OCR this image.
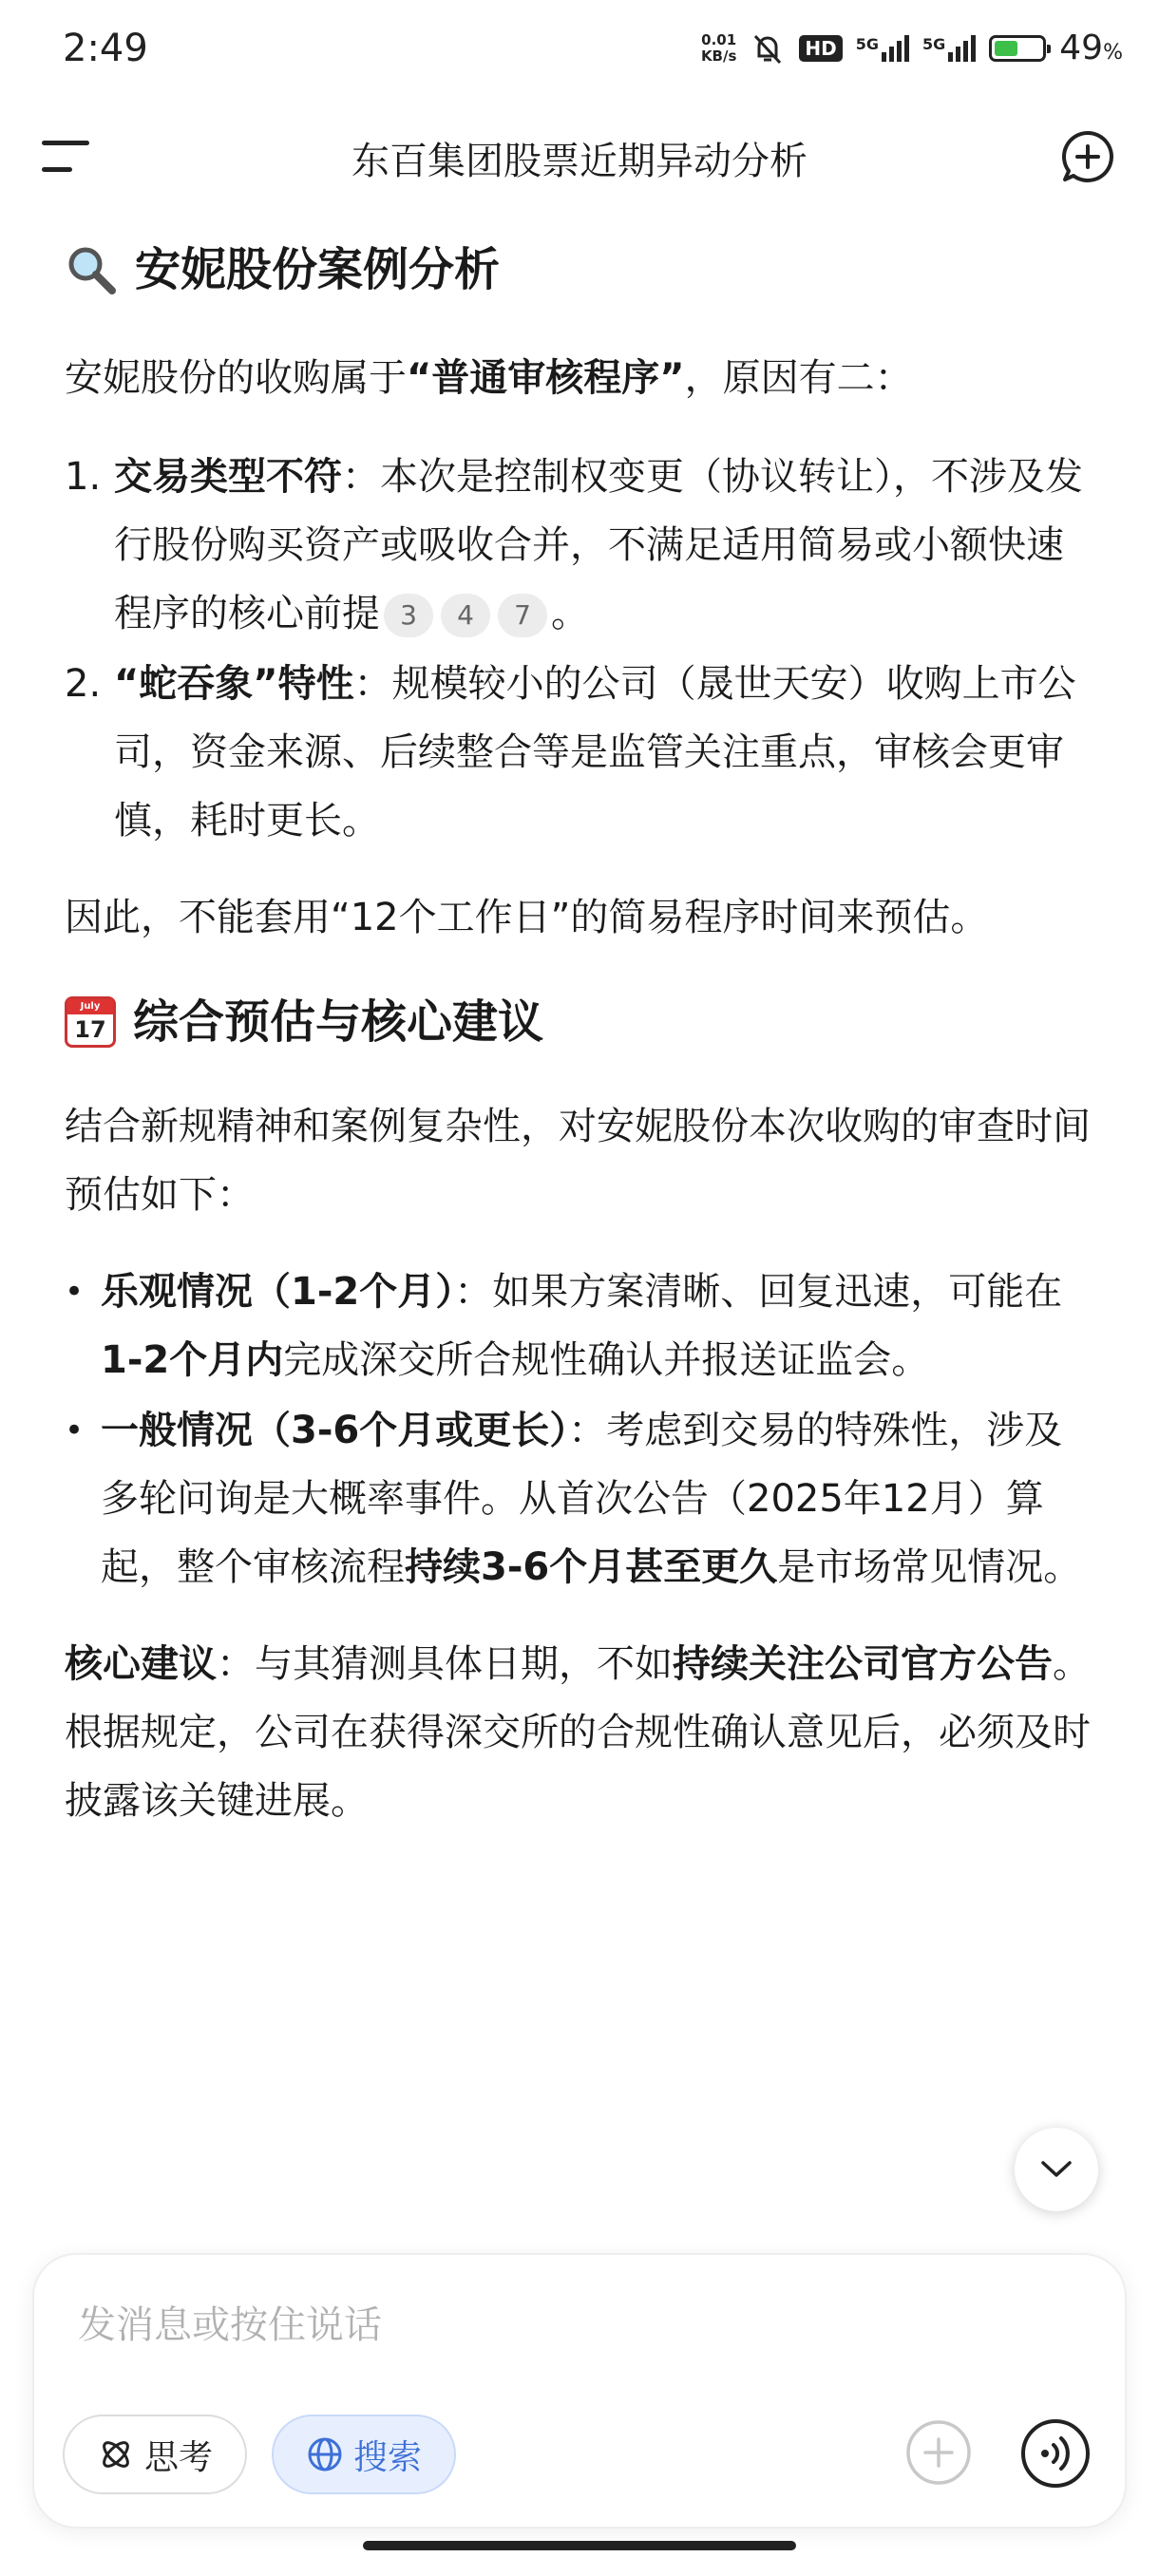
2:49	0.01
KB/s	HD	5G	5G	49%
东百集团股票近期异动分析
安妮股份案例分析

安妮股份的收购属于“普通审核程序”，原因有二：

1. 交易类型不符：本次是控制权变更（协议转让），不涉及发行股份购买资产或吸收合并，不满足适用简易或小额快速程序的核心前提 3 4 7 。
2. “蛇吞象”特性：规模较小的公司（晟世天安）收购上市公司，资金来源、后续整合等是监管关注重点，审核会更审慎，耗时更长。

因此，不能套用“12个工作日”的简易程序时间来预估。

July
17 综合预估与核心建议

结合新规精神和案例复杂性，对安妮股份本次收购的审查时间预估如下：

• 乐观情况（1-2个月）：如果方案清晰、回复迅速，可能在1-2个月内完成深交所合规性确认并报送证监会。
• 一般情况（3-6个月或更长）：考虑到交易的特殊性，涉及多轮问询是大概率事件。从首次公告（2025年12月）算起，整个审核流程持续3-6个月甚至更久是市场常见情况。

核心建议：与其猜测具体日期，不如持续关注公司官方公告。根据规定，公司在获得深交所的合规性确认意见后，必须及时披露该关键进展。

发消息或按住说话
思考	搜索
